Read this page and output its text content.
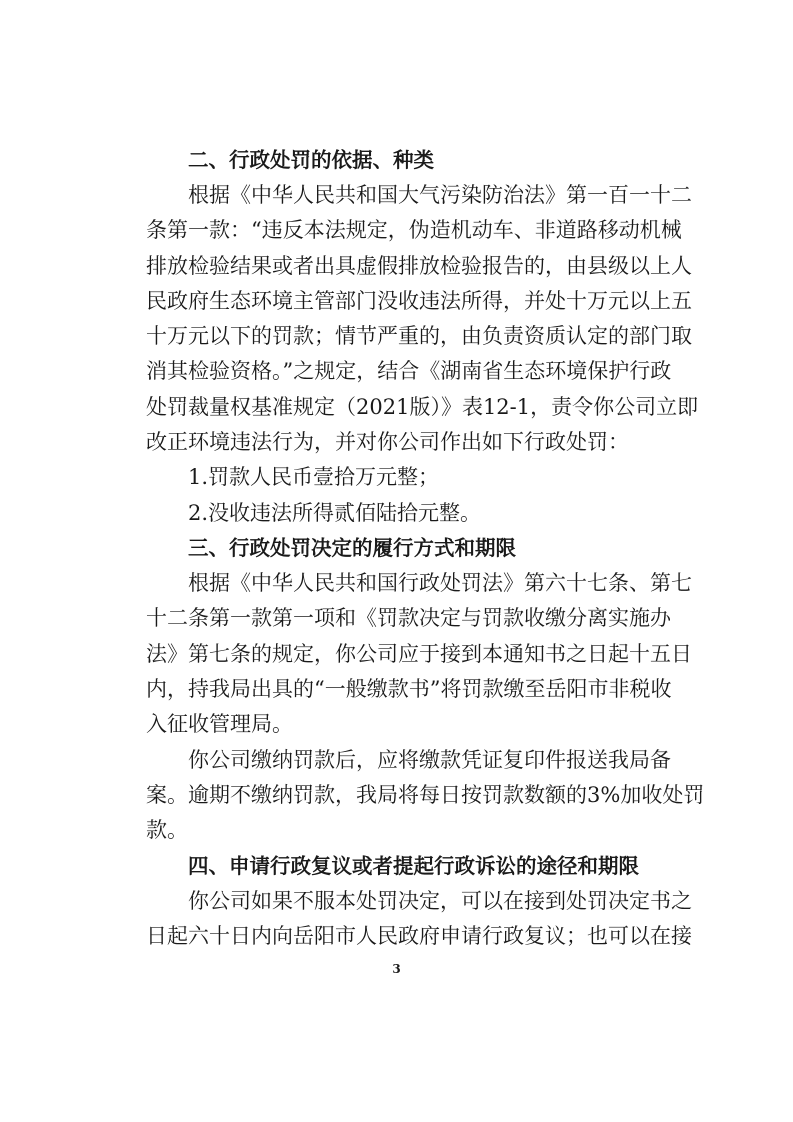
二、行政处罚的依据、种类
根据《中华人民共和国大气污染防治法》第一百一十二
条第一款：“违反本法规定，伪造机动车、非道路移动机械
排放检验结果或者出具虚假排放检验报告的，由县级以上人
民政府生态环境主管部门没收违法所得，并处十万元以上五
十万元以下的罚款；情节严重的，由负责资质认定的部门取
消其检验资格。”之规定，结合《湖南省生态环境保护行政
处罚裁量权基准规定（2021版）》表12-1，责令你公司立即
改正环境违法行为，并对你公司作出如下行政处罚：
1.罚款人民币壹拾万元整；
2.没收违法所得贰佰陆拾元整。
三、行政处罚决定的履行方式和期限
根据《中华人民共和国行政处罚法》第六十七条、第七
十二条第一款第一项和《罚款决定与罚款收缴分离实施办
法》第七条的规定，你公司应于接到本通知书之日起十五日
内，持我局出具的“一般缴款书”将罚款缴至岳阳市非税收
入征收管理局。
你公司缴纳罚款后，应将缴款凭证复印件报送我局备
案。逾期不缴纳罚款，我局将每日按罚款数额的3%加收处罚
款。
四、申请行政复议或者提起行政诉讼的途径和期限
你公司如果不服本处罚决定，可以在接到处罚决定书之
日起六十日内向岳阳市人民政府申请行政复议；也可以在接
3
